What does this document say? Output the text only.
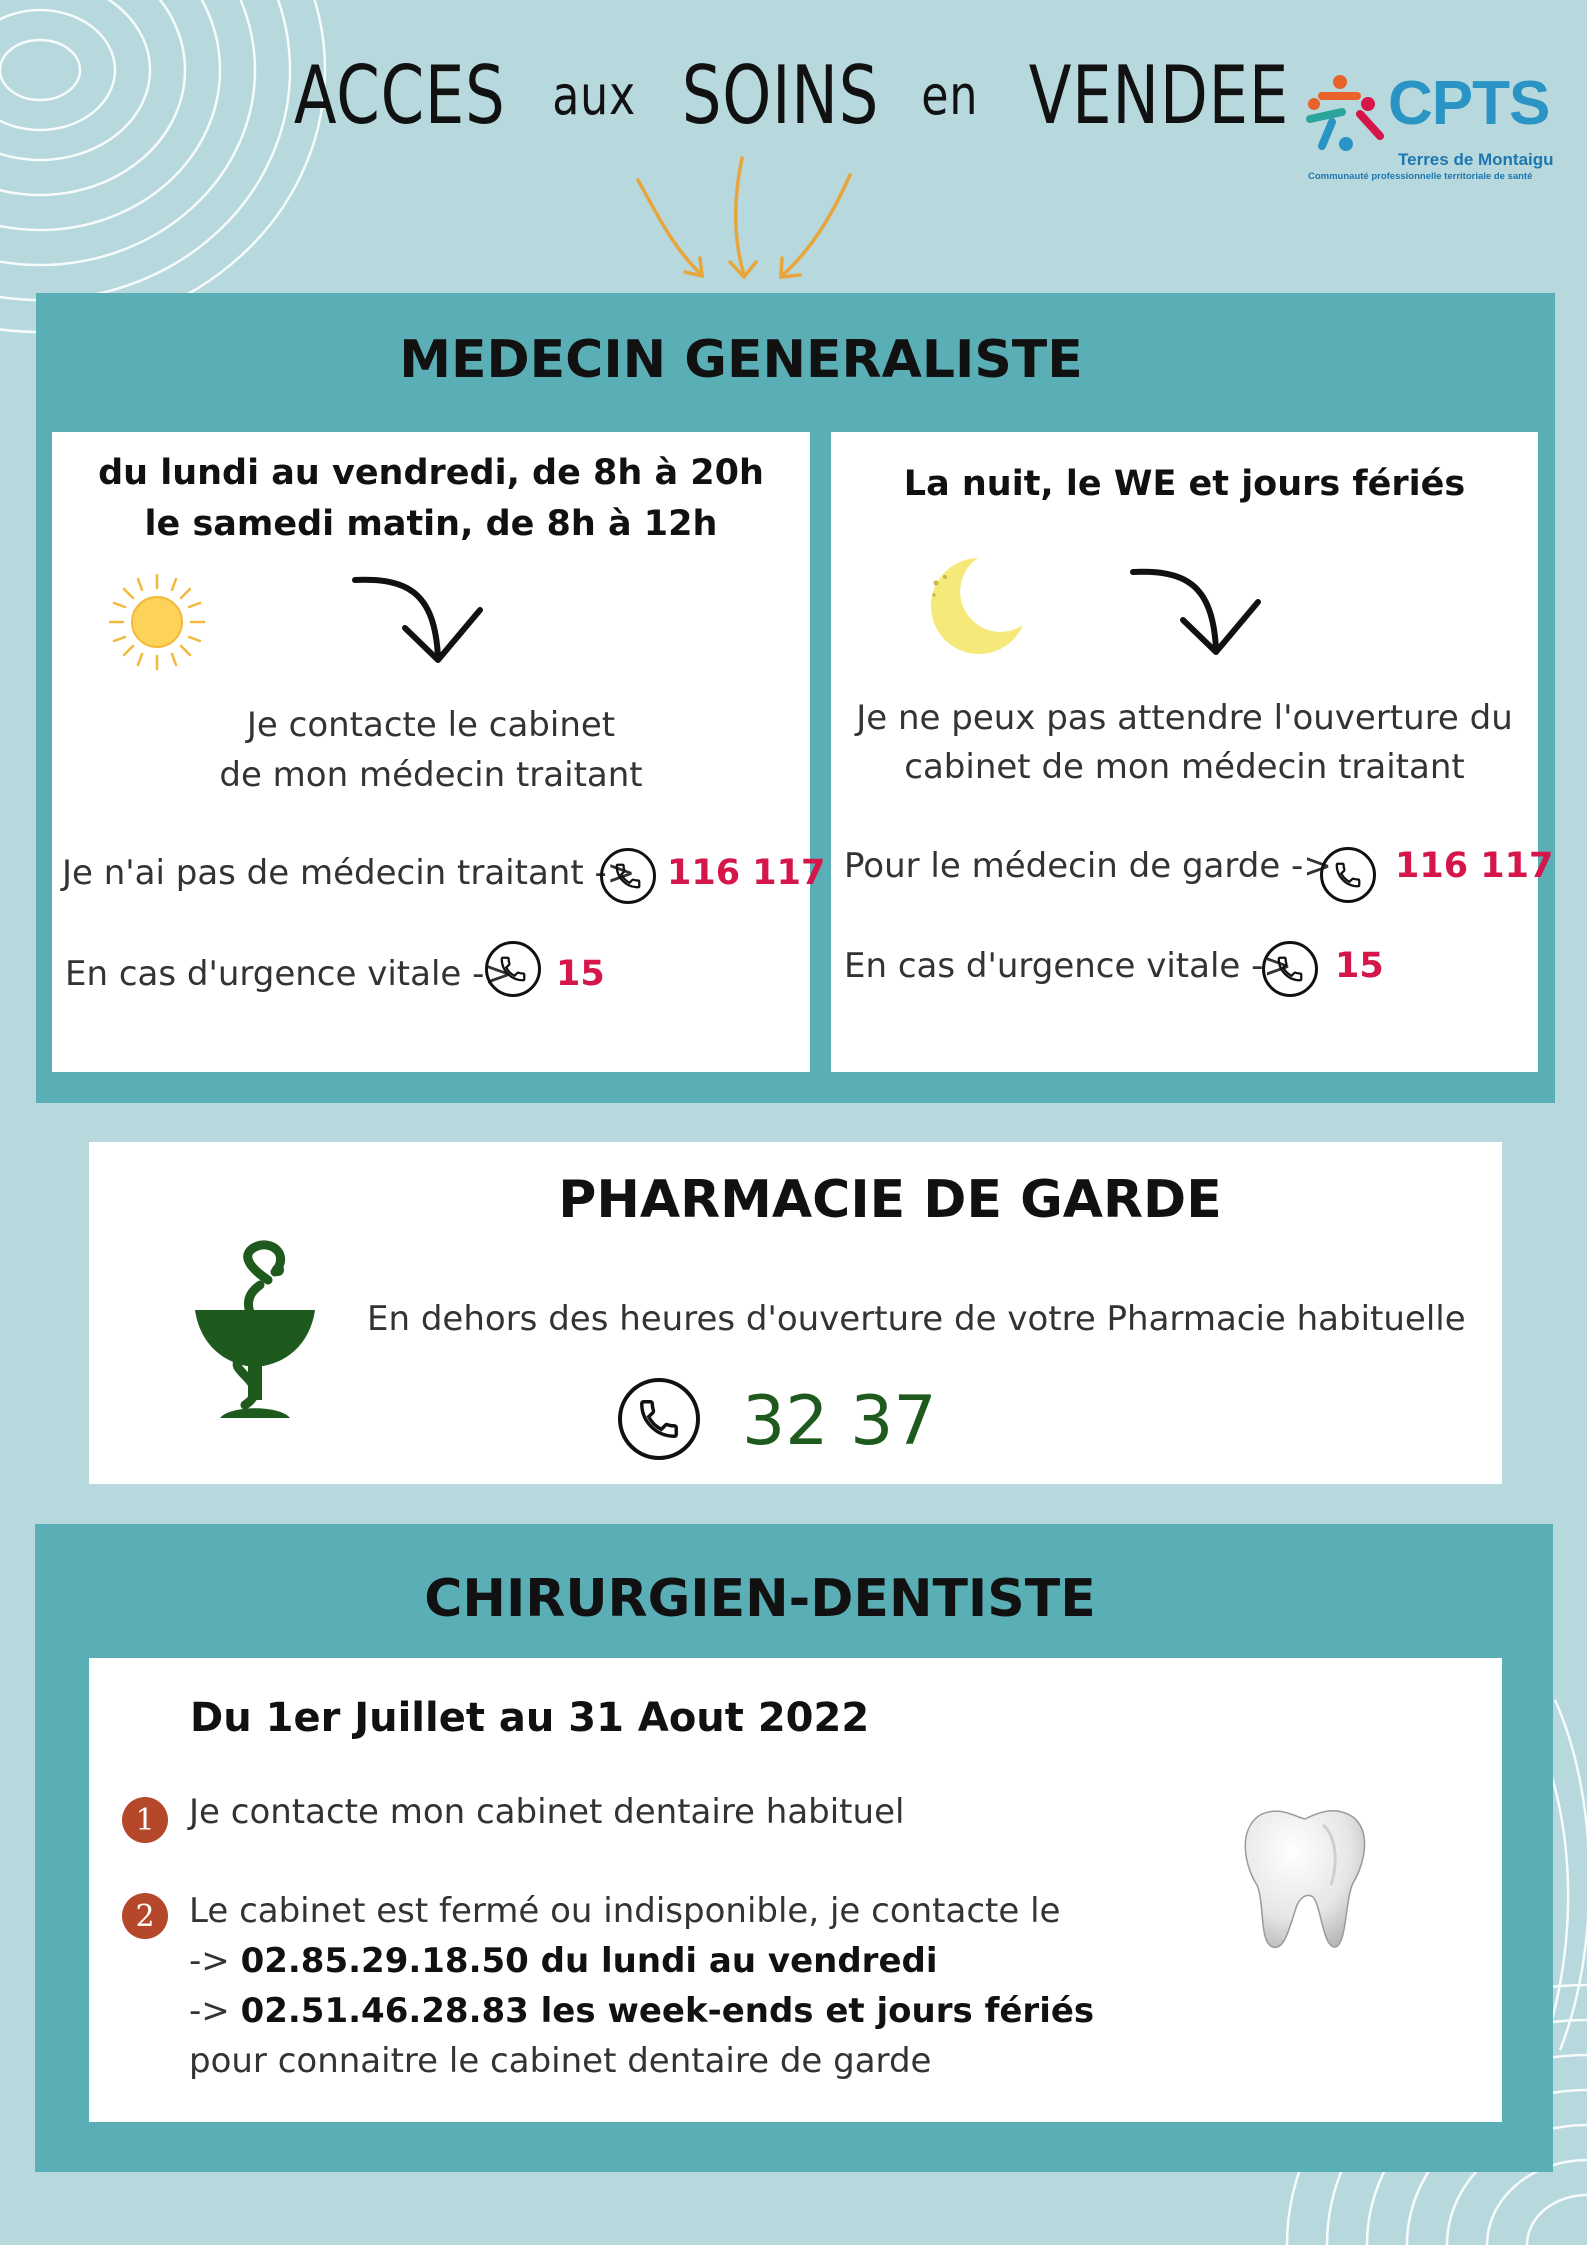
ACCES aux SOINS en VENDEE CPTS
Terres de Montaigu
Communauté professionnelle territoriale de santé
MEDECIN GENERALISTE
du lundi au vendredi, de 8h à 20h
le samedi matin, de 8h à 12h
Je contacte le cabinet
de mon médecin traitant
Je n'ai pas de médecin traitant -> 116 117
En cas d'urgence vitale -> 15
La nuit, le WE et jours fériés
Je ne peux pas attendre l'ouverture du
cabinet de mon médecin traitant
Pour le médecin de garde -> 116 117
En cas d'urgence vitale -> 15
PHARMACIE DE GARDE
En dehors des heures d'ouverture de votre Pharmacie habituelle
32 37
CHIRURGIEN-DENTISTE
Du 1er Juillet au 31 Aout 2022
1	Je contacte mon cabinet dentaire habituel
2	Le cabinet est fermé ou indisponible, je contacte le
-> 02.85.29.18.50 du lundi au vendredi
-> 02.51.46.28.83 les week-ends et jours fériés
pour connaitre le cabinet dentaire de garde
